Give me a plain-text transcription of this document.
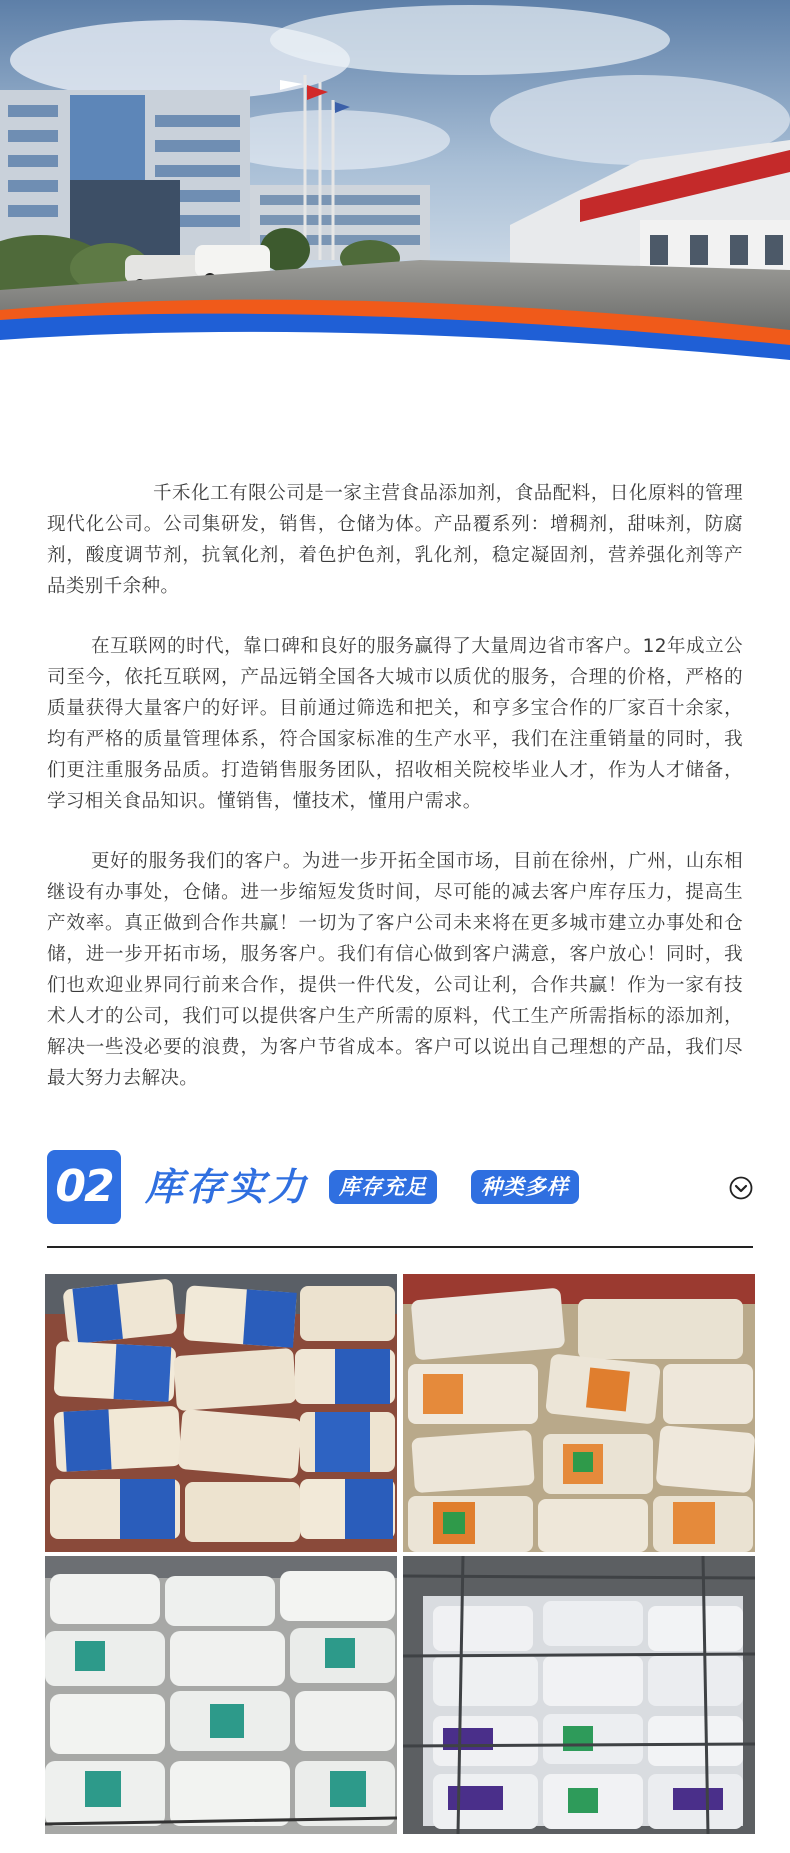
千禾化工有限公司是一家主营食品添加剂，食品配料，日化原料的管理现代化公司。公司集研发，销售，仓储为体。产品覆系列：增稠剂，甜味剂，防腐剂，酸度调节剂，抗氧化剂，着色护色剂，乳化剂，稳定凝固剂，营养强化剂等产品类别千余种。

在互联网的时代，靠口碑和良好的服务赢得了大量周边省市客户。12年成立公司至今，依托互联网，产品远销全国各大城市以质优的服务，合理的价格，严格的质量获得大量客户的好评。目前通过筛选和把关，和亨多宝合作的厂家百十余家，均有严格的质量管理体系，符合国家标准的生产水平，我们在注重销量的同时，我们更注重服务品质。打造销售服务团队，招收相关院校毕业人才，作为人才储备，学习相关食品知识。懂销售，懂技术，懂用户需求。

更好的服务我们的客户。为进一步开拓全国市场，目前在徐州，广州，山东相继设有办事处，仓储。进一步缩短发货时间，尽可能的减去客户库存压力，提高生产效率。真正做到合作共赢！一切为了客户公司未来将在更多城市建立办事处和仓储，进一步开拓市场，服务客户。我们有信心做到客户满意，客户放心！同时，我们也欢迎业界同行前来合作，提供一件代发，公司让利，合作共赢！作为一家有技术人才的公司，我们可以提供客户生产所需的原料，代工生产所需指标的添加剂，解决一些没必要的浪费，为客户节省成本。客户可以说出自己理想的产品，我们尽最大努力去解决。

02 库存实力	库存充足	种类多样
